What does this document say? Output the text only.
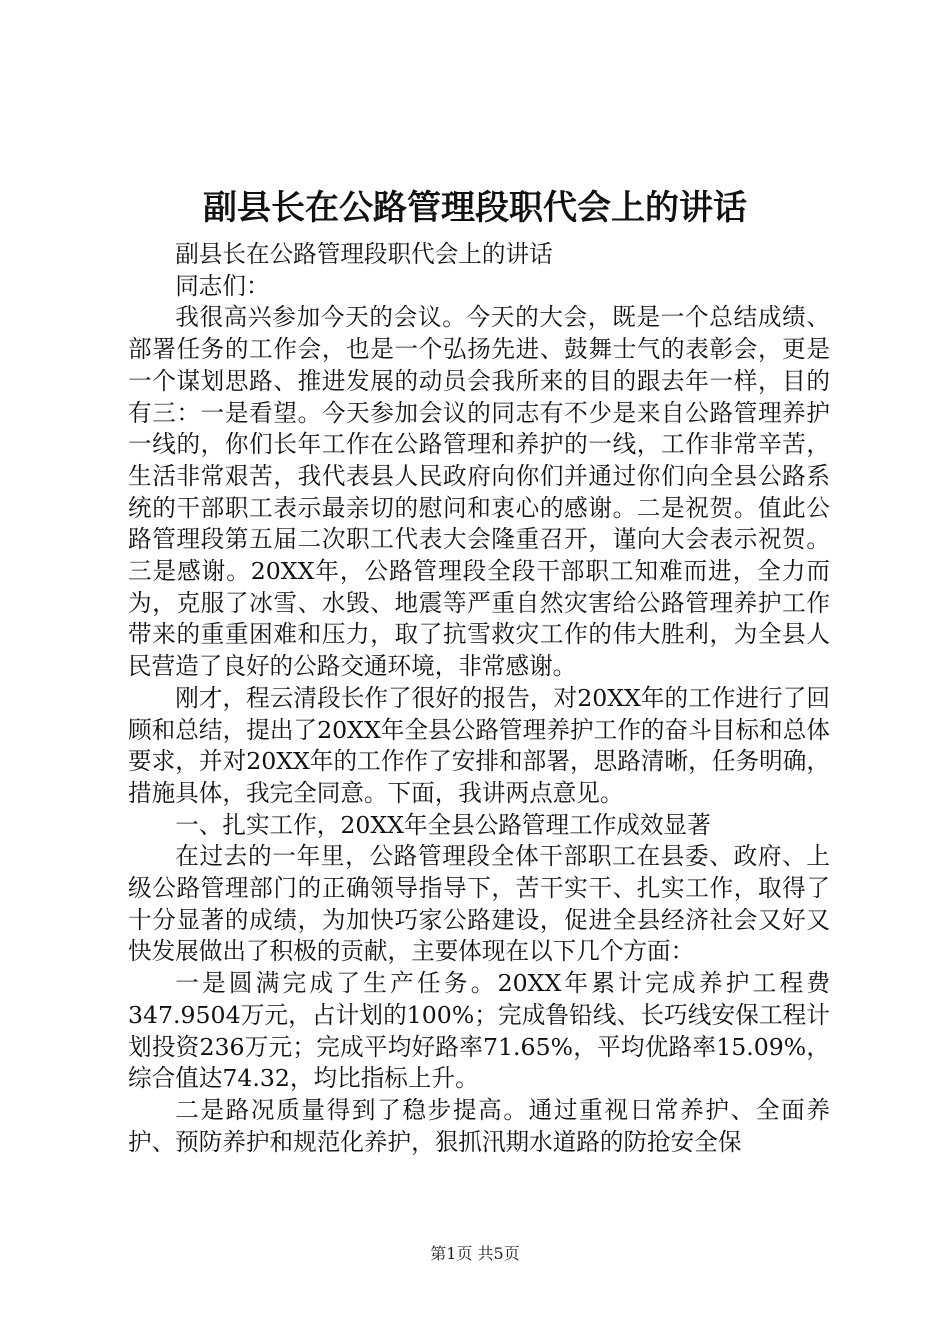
副县长在公路管理段职代会上的讲话

副县长在公路管理段职代会上的讲话

同志们：

我很高兴参加今天的会议。今天的大会，既是一个总结成绩、部署任务的工作会，也是一个弘扬先进、鼓舞士气的表彰会，更是一个谋划思路、推进发展的动员会我所来的目的跟去年一样，目的有三：一是看望。今天参加会议的同志有不少是来自公路管理养护一线的，你们长年工作在公路管理和养护的一线，工作非常辛苦，生活非常艰苦，我代表县人民政府向你们并通过你们向全县公路系统的干部职工表示最亲切的慰问和衷心的感谢。二是祝贺。值此公路管理段第五届二次职工代表大会隆重召开，谨向大会表示祝贺。三是感谢。20XX年，公路管理段全段干部职工知难而进，全力而为，克服了冰雪、水毁、地震等严重自然灾害给公路管理养护工作带来的重重困难和压力，取了抗雪救灾工作的伟大胜利，为全县人民营造了良好的公路交通环境，非常感谢。

刚才，程云清段长作了很好的报告，对20XX年的工作进行了回顾和总结，提出了20XX年全县公路管理养护工作的奋斗目标和总体要求，并对20XX年的工作作了安排和部署，思路清晰，任务明确，措施具体，我完全同意。下面，我讲两点意见。

一、扎实工作，20XX年全县公路管理工作成效显著

在过去的一年里，公路管理段全体干部职工在县委、政府、上级公路管理部门的正确领导指导下，苦干实干、扎实工作，取得了十分显著的成绩，为加快巧家公路建设，促进全县经济社会又好又快发展做出了积极的贡献，主要体现在以下几个方面：

一是圆满完成了生产任务。20XX年累计完成养护工程费347.9504万元，占计划的100%；完成鲁铅线、长巧线安保工程计划投资236万元；完成平均好路率71.65%，平均优路率15.09%，综合值达74.32，均比指标上升。

二是路况质量得到了稳步提高。通过重视日常养护、全面养护、预防养护和规范化养护，狠抓汛期水道路的防抢安全保

第1页 共5页
